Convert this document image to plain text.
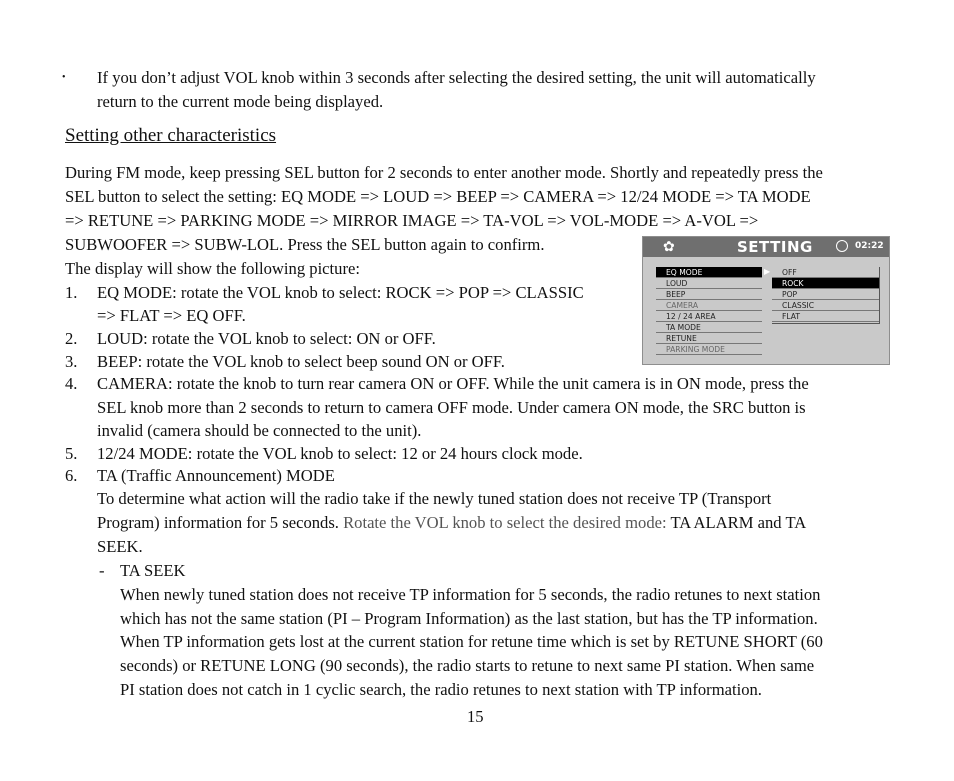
• If you don’t adjust VOL knob within 3 seconds after selecting the desired setting, the unit will automatically
return to the current mode being displayed.
Setting other characteristics
During FM mode, keep pressing SEL button for 2 seconds to enter another mode. Shortly and repeatedly press the
SEL button to select the setting: EQ MODE => LOUD => BEEP => CAMERA => 12/24 MODE => TA MODE
=> RETUNE => PARKING MODE => MIRROR IMAGE => TA-VOL => VOL-MODE => A-VOL =>
SUBWOOFER => SUBW-LOL. Press the SEL button again to confirm.
The display will show the following picture:
1. EQ MODE: rotate the VOL knob to select: ROCK => POP => CLASSIC
=> FLAT => EQ OFF.
2. LOUD: rotate the VOL knob to select: ON or OFF.
3. BEEP: rotate the VOL knob to select beep sound ON or OFF.
4. CAMERA: rotate the knob to turn rear camera ON or OFF. While the unit camera is in ON mode, press the
SEL knob more than 2 seconds to return to camera OFF mode. Under camera ON mode, the SRC button is
invalid (camera should be connected to the unit).
5. 12/24 MODE: rotate the VOL knob to select: 12 or 24 hours clock mode.
6. TA (Traffic Announcement) MODE
To determine what action will the radio take if the newly tuned station does not receive TP (Transport
Program) information for 5 seconds. Rotate the VOL knob to select the desired mode: TA ALARM and TA
SEEK.
- TA SEEK
When newly tuned station does not receive TP information for 5 seconds, the radio retunes to next station
which has not the same station (PI – Program Information) as the last station, but has the TP information.
When TP information gets lost at the current station for retune time which is set by RETUNE SHORT (60
seconds) or RETUNE LONG (90 seconds), the radio starts to retune to next same PI station. When same
PI station does not catch in 1 cyclic search, the radio retunes to next station with TP information.
15
✿	SETTING	02:22
EQ MODE
LOUD
BEEP
CAMERA
12 / 24 AREA
TA MODE
RETUNE
PARKING MODE
▶	OFF
ROCK
POP
CLASSIC
FLAT
